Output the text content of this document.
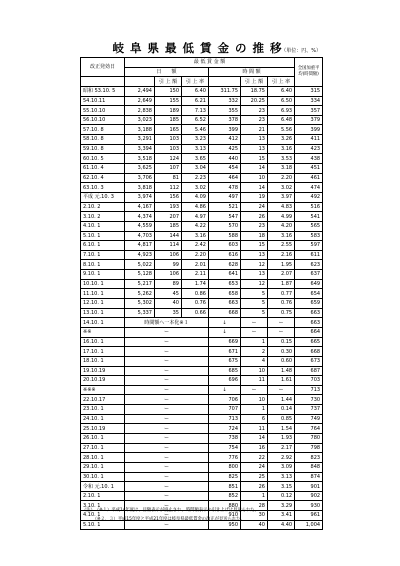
岐阜県最低賃金の推移
（単位：円、%）
改正発効日	最 低 賃 金 額						全国加重平均(時間額)
	日　　額			時 間 額			
		引 上 額	引 上 率		引 上 額	引 上 率	
昭和 53.10. 5	2,494	150	6.40	311.75	18.75	6.40	315
54.10.11	2,649	155	6.21	332	20.25	6.50	334
55.10.10	2,838	189	7.13	355	23	6.93	357
56.10.10	3,023	185	6.52	378	23	6.48	379
57.10. 8	3,188	165	5.46	399	21	5.56	399
58.10. 8	3,291	103	3.23	412	13	3.26	411
59.10. 8	3,394	103	3.13	425	13	3.16	423
60.10. 5	3,518	124	3.65	440	15	3.53	438
61.10. 4	3,625	107	3.04	454	14	3.18	451
62.10. 4	3,706	81	2.23	464	10	2.20	461
63.10. 3	3,818	112	3.02	478	14	3.02	474
平成 元.10. 3	3,974	156	4.09	497	19	3.97	492
2.10. 2	4,167	193	4.86	521	24	4.83	516
3.10. 2	4,374	207	4.97	547	26	4.99	541
4.10. 1	4,559	185	4.22	570	23	4.20	565
5.10. 1	4,703	144	3.16	588	18	3.16	583
6.10. 1	4,817	114	2.42	603	15	2.55	597
7.10. 1	4,923	106	2.20	616	13	2.16	611
8.10. 1	5,022	99	2.01	628	12	1.95	623
9.10. 1	5,128	106	2.11	641	13	2.07	637
10.10. 1	5,217	89	1.74	653	12	1.87	649
11.10. 1	5,262	45	0.86	658	5	0.77	654
12.10. 1	5,302	40	0.76	663	5	0.76	659
13.10. 1	5,337	35	0.66	668	5	0.75	663
14.10. 1	時間額へ一本化※１			↓	ー	ー	663
※※	ー			↓	ー	ー	664
16.10. 1	ー			669	1	0.15	665
17.10. 1	ー			671	2	0.30	668
18.10. 1	ー			675	4	0.60	673
19.10.19	ー			685	10	1.48	687
20.10.19	ー			696	11	1.61	703
※※※	ー			↓	ー	ー	713
22.10.17	ー			706	10	1.44	730
23.10. 1	ー			707	1	0.14	737
24.10. 1	ー			713	6	0.85	749
25.10.19	ー			724	11	1.54	764
26.10. 1	ー			738	14	1.93	780
27.10. 1	ー			754	16	2.17	798
28.10. 1	ー			776	22	2.92	823
29.10. 1	ー			800	24	3.09	848
30.10. 1	ー			825	25	3.13	874
令和 元.10. 1	ー			851	26	3.15	901
2.10. 1	ー			852	1	0.12	902
3.10. 1	ー			880	28	3.29	930
4.10. 1	ー			910	30	3.41	961
5.10. 1	ー			950	40	4.40	1,004
（注）　（※１）平成14年度は、目額表示が廃止され、時間額表示の引き上げは見送られた。
　　　（※２、３）平成15年度と平成21年度は岐阜県最低賃金の改正が見送られた。
